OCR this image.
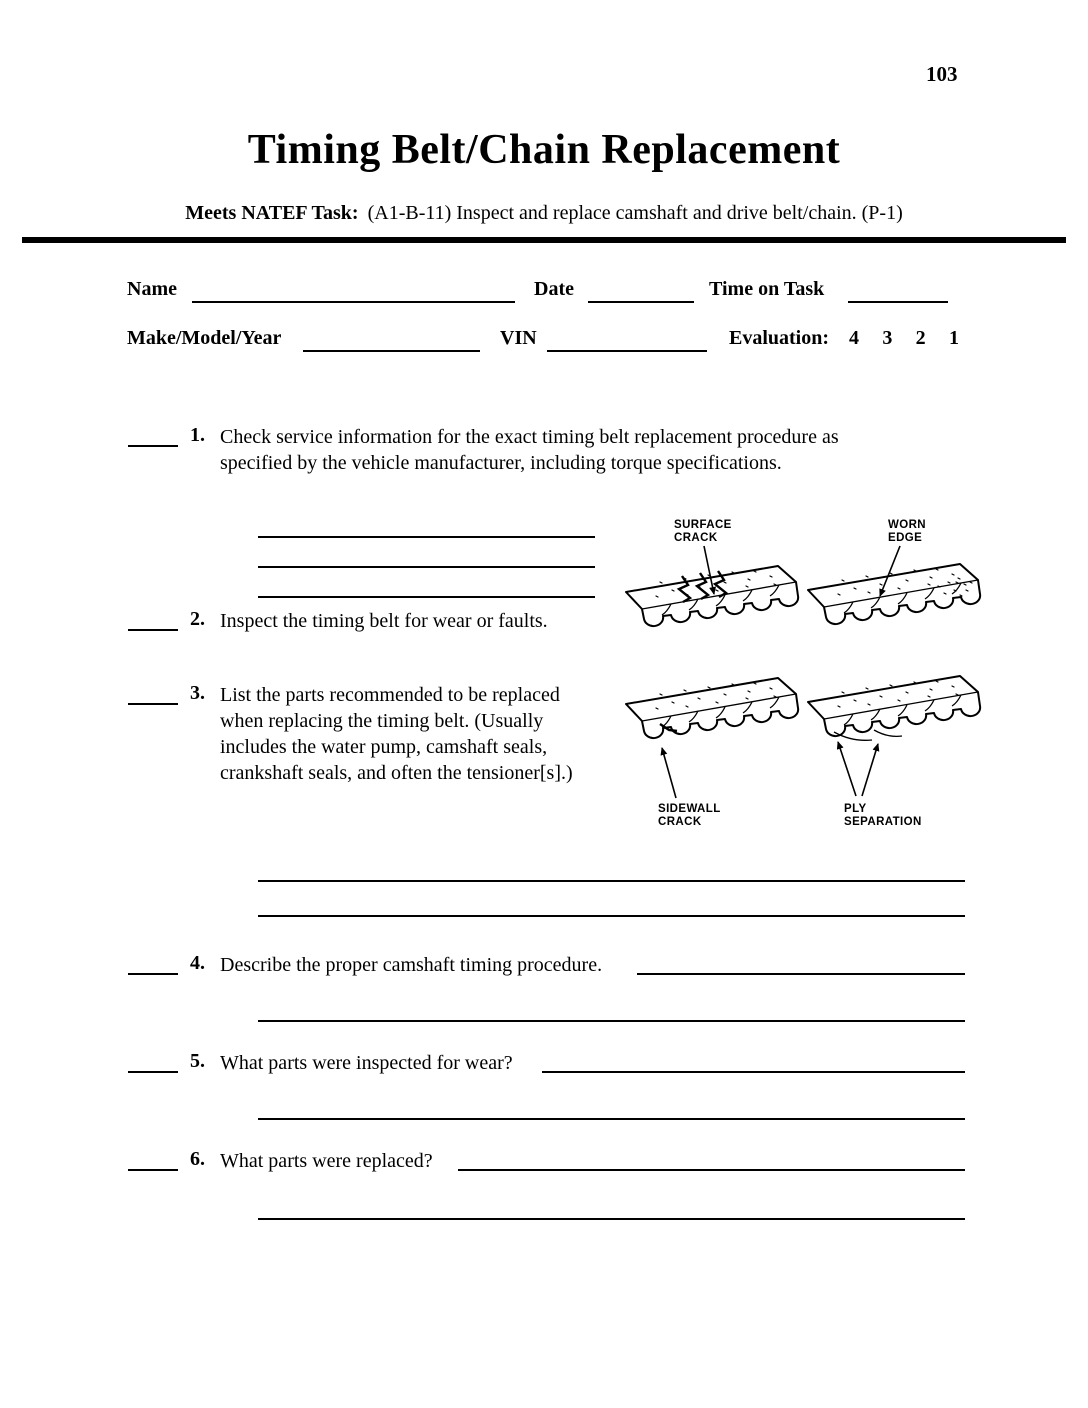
103
Timing Belt/Chain Replacement
Meets NATEF Task: (A1-B-11) Inspect and replace camshaft and drive belt/chain. (P-1)
Name	Date	Time on Task
Make/Model/Year	VIN	Evaluation: 4 3 2 1
1. Check service information for the exact timing belt replacement procedure as specified by the vehicle manufacturer, including torque specifications.
2. Inspect the timing belt for wear or faults.
3. List the parts recommended to be replaced when replacing the timing belt. (Usually includes the water pump, camshaft seals, crankshaft seals, and often the tensioner[s].)
4. Describe the proper camshaft timing procedure.
5. What parts were inspected for wear?
6. What parts were replaced?
SURFACE
CRACK
WORN
EDGE
SIDEWALL
CRACK
PLY
SEPARATION
